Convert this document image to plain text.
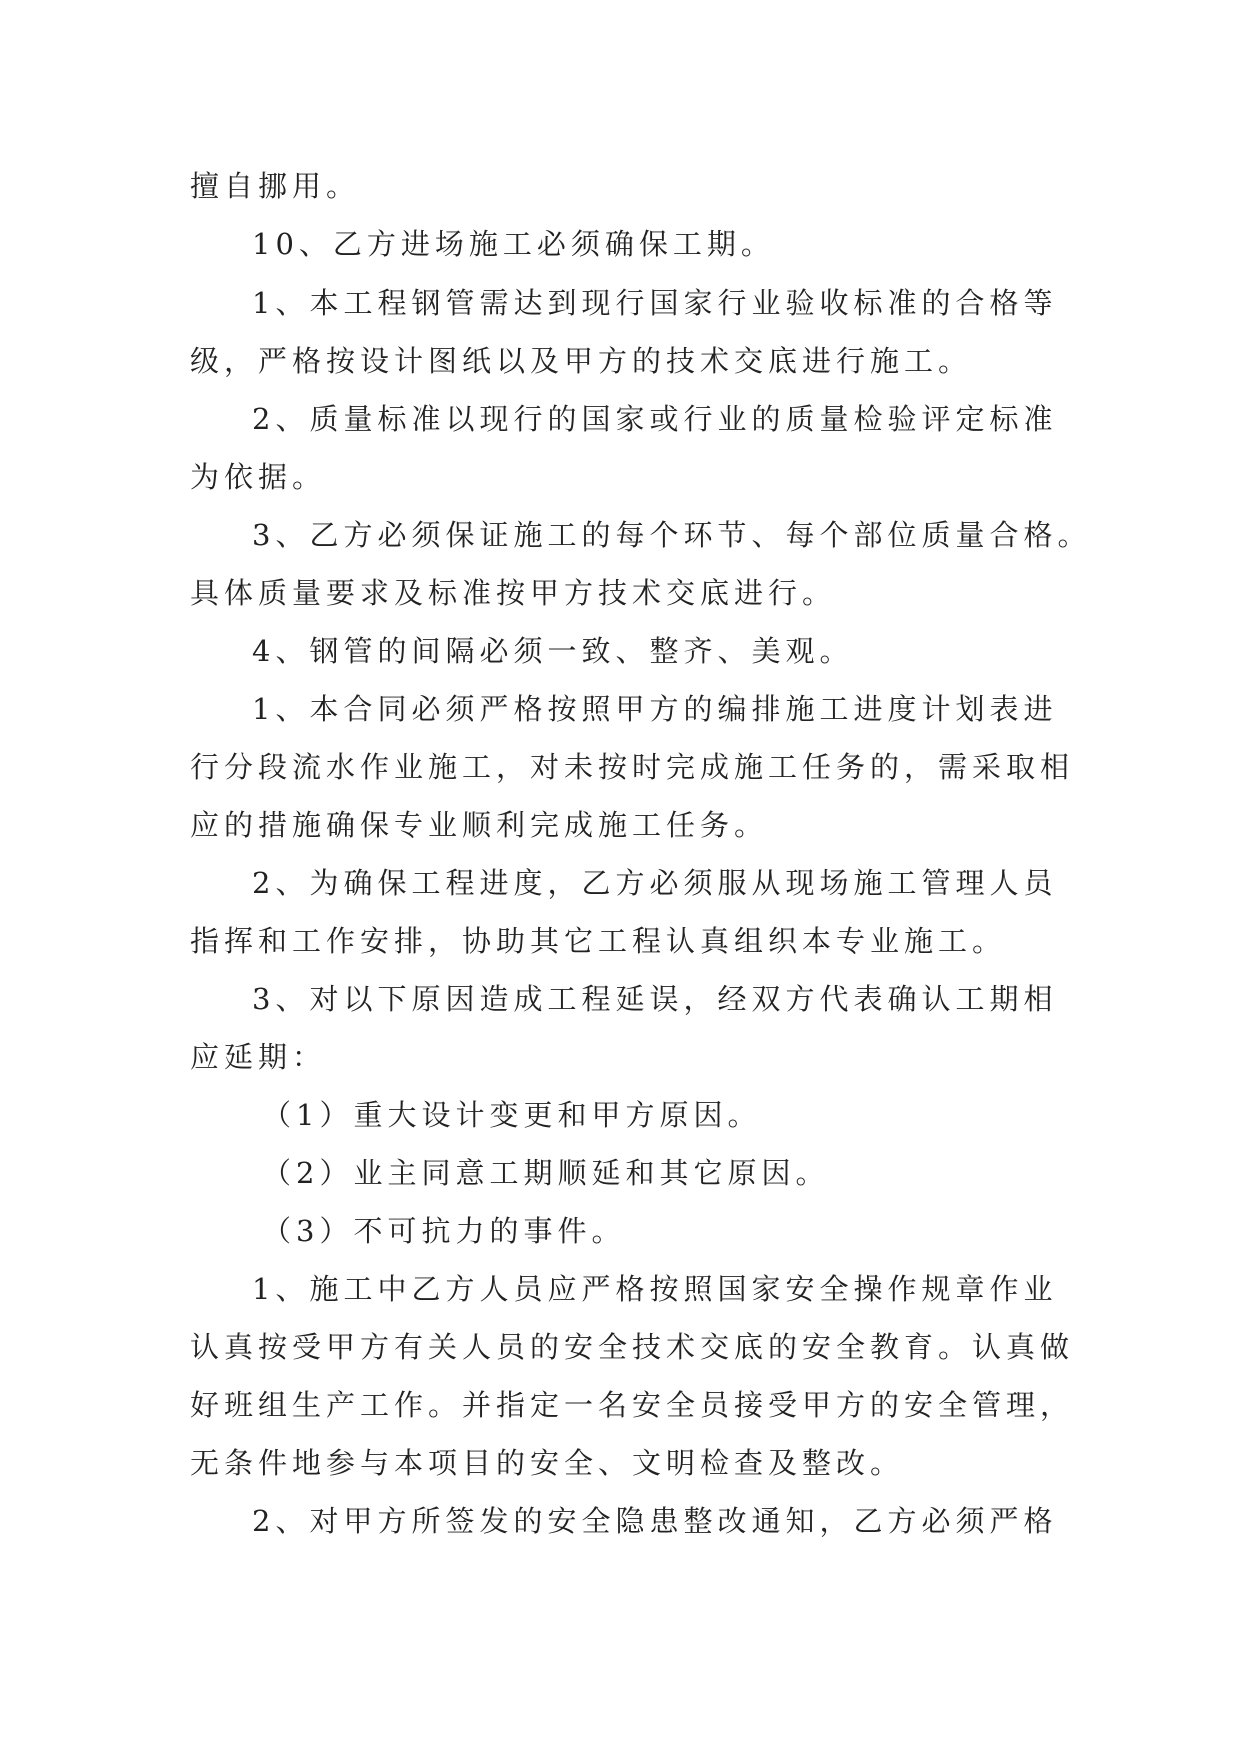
擅自挪用。
10、乙方进场施工必须确保工期。
1、本工程钢管需达到现行国家行业验收标准的合格等
级，严格按设计图纸以及甲方的技术交底进行施工。
2、质量标准以现行的国家或行业的质量检验评定标准
为依据。
3、乙方必须保证施工的每个环节、每个部位质量合格。
具体质量要求及标准按甲方技术交底进行。
4、钢管的间隔必须一致、整齐、美观。
1、本合同必须严格按照甲方的编排施工进度计划表进
行分段流水作业施工，对未按时完成施工任务的，需采取相
应的措施确保专业顺利完成施工任务。
2、为确保工程进度，乙方必须服从现场施工管理人员
指挥和工作安排，协助其它工程认真组织本专业施工。
3、对以下原因造成工程延误，经双方代表确认工期相
应延期：
（1）重大设计变更和甲方原因。
（2）业主同意工期顺延和其它原因。
（3）不可抗力的事件。
1、施工中乙方人员应严格按照国家安全操作规章作业
认真按受甲方有关人员的安全技术交底的安全教育。认真做
好班组生产工作。并指定一名安全员接受甲方的安全管理，
无条件地参与本项目的安全、文明检查及整改。
2、对甲方所签发的安全隐患整改通知，乙方必须严格
